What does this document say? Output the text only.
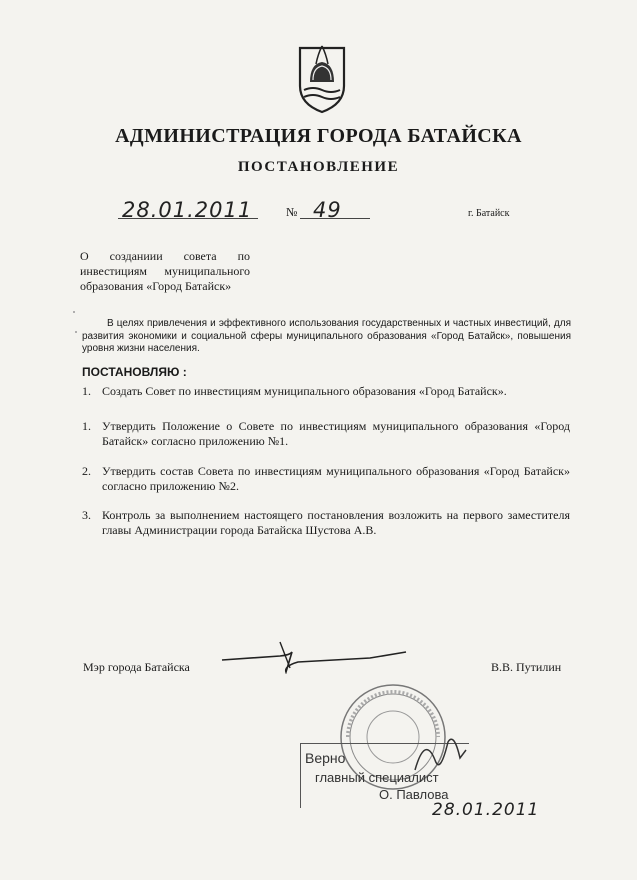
АДМИНИСТРАЦИЯ ГОРОДА БАТАЙСКА
ПОСТАНОВЛЕНИЕ
28.01.2011	№ 49	г. Батайск
О созданиии совета по
инвестициям муниципального
образования «Город Батайск»
В целях привлечения и эффективного использования государственных и частных инвестиций, для развития экономики и социальной сферы муниципального образования «Город Батайск», повышения уровня жизни населения.
ПОСТАНОВЛЯЮ :
1. Создать Совет по инвестициям муниципального образования «Город Батайск».
1. Утвердить Положение о Совете по инвестициям муниципального образования «Город Батайск» согласно приложению №1.
2. Утвердить состав Совета по инвестициям муниципального образования «Город Батайск» согласно приложению №2.
3. Контроль за выполнением настоящего постановления возложить на первого заместителя главы Администрации города Батайска Шустова А.В.
Мэр города Батайска	В.В. Путилин
Верно
главный специалист
О. Павлова
28.01.2011
